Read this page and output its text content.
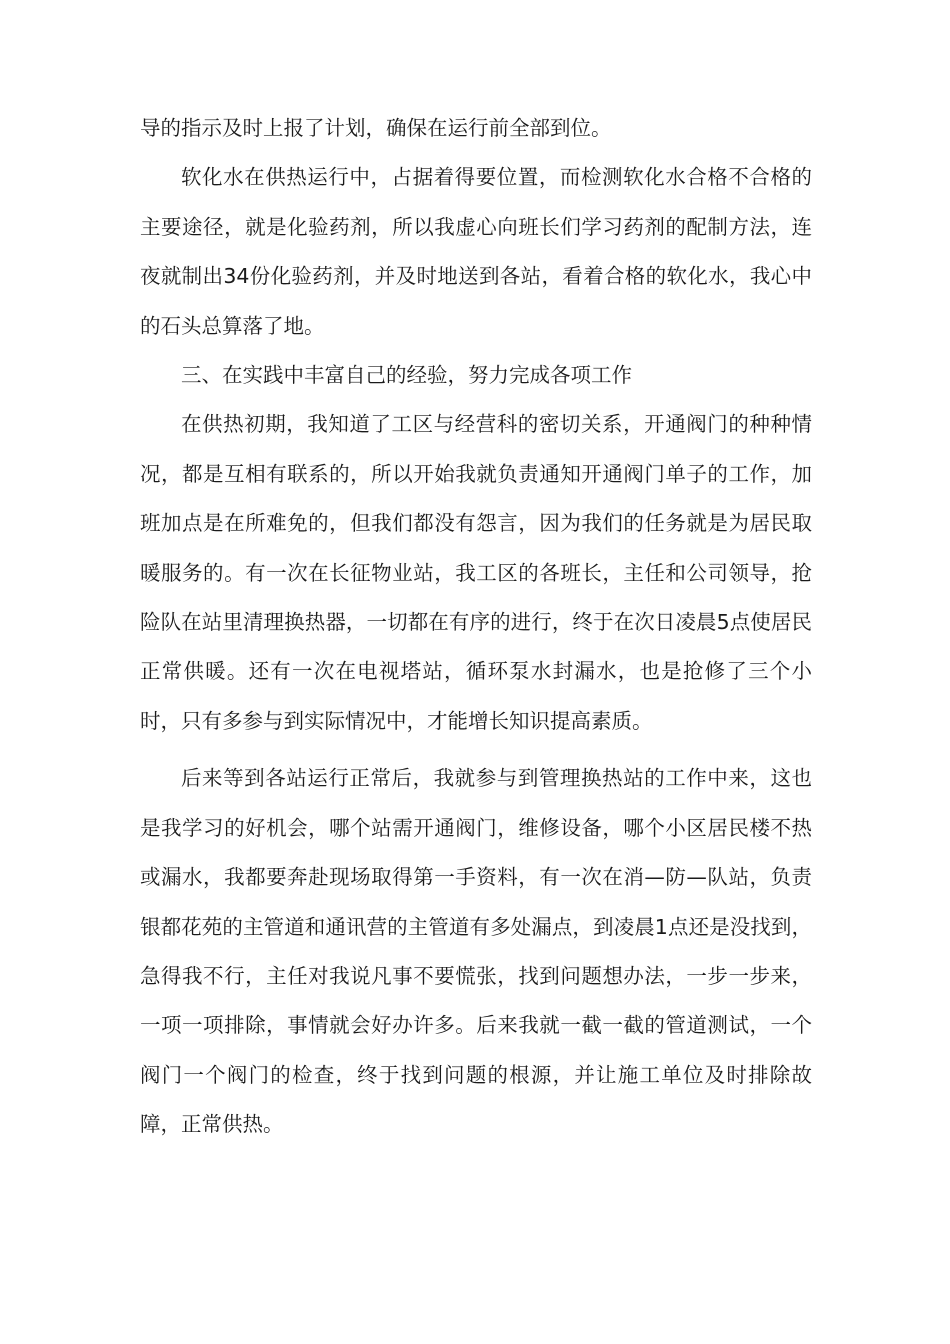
导的指示及时上报了计划，确保在运行前全部到位。

软化水在供热运行中，占据着得要位置，而检测软化水合格不合格的主要途径，就是化验药剂，所以我虚心向班长们学习药剂的配制方法，连夜就制出34份化验药剂，并及时地送到各站，看着合格的软化水，我心中的石头总算落了地。

三、在实践中丰富自己的经验，努力完成各项工作

在供热初期，我知道了工区与经营科的密切关系，开通阀门的种种情况，都是互相有联系的，所以开始我就负责通知开通阀门单子的工作，加班加点是在所难免的，但我们都没有怨言，因为我们的任务就是为居民取暖服务的。有一次在长征物业站，我工区的各班长，主任和公司领导，抢险队在站里清理换热器，一切都在有序的进行，终于在次日凌晨5点使居民正常供暖。还有一次在电视塔站，循环泵水封漏水，也是抢修了三个小时，只有多参与到实际情况中，才能增长知识提高素质。

后来等到各站运行正常后，我就参与到管理换热站的工作中来，这也是我学习的好机会，哪个站需开通阀门，维修设备，哪个小区居民楼不热或漏水，我都要奔赴现场取得第一手资料，有一次在消—防—队站，负责银都花苑的主管道和通讯营的主管道有多处漏点，到凌晨1点还是没找到，急得我不行，主任对我说凡事不要慌张，找到问题想办法，一步一步来，一项一项排除，事情就会好办许多。后来我就一截一截的管道测试，一个阀门一个阀门的检查，终于找到问题的根源，并让施工单位及时排除故障，正常供热。
